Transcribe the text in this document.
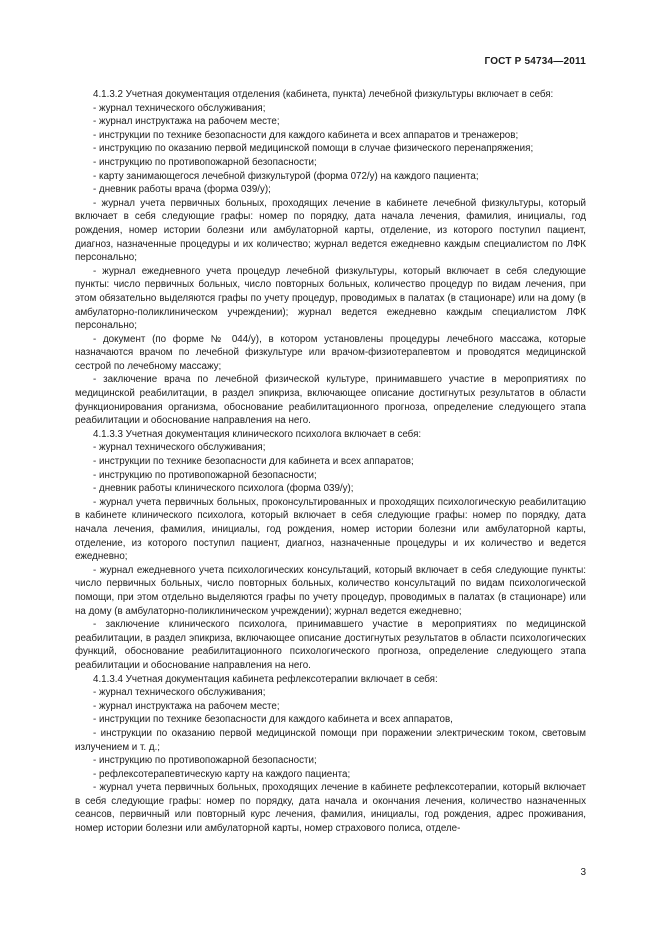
ГОСТ Р 54734—2011

4.1.3.2 Учетная документация отделения (кабинета, пункта) лечебной физкультуры включает в себя:

- журнал технического обслуживания;

- журнал инструктажа на рабочем месте;

- инструкции по технике безопасности для каждого кабинета и всех аппаратов и тренажеров;

- инструкцию по оказанию первой медицинской помощи в случае физического перенапряжения;

- инструкцию по противопожарной безопасности;

- карту занимающегося лечебной физкультурой (форма 072/у) на каждого пациента;

- дневник работы врача (форма 039/у);

- журнал учета первичных больных, проходящих лечение в кабинете лечебной физкультуры, который включает в себя следующие графы: номер по порядку, дата начала лечения, фамилия, инициалы, год рождения, номер истории болезни или амбулаторной карты, отделение, из которого поступил пациент, диагноз, назначенные процедуры и их количество; журнал ведется ежедневно каждым специалистом по ЛФК персонально;

- журнал ежедневного учета процедур лечебной физкультуры, который включает в себя следующие пункты: число первичных больных, число повторных больных, количество процедур по видам лечения, при этом обязательно выделяются графы по учету процедур, проводимых в палатах (в стационаре) или на дому (в амбулаторно-поликлиническом учреждении); журнал ведется ежедневно каждым специалистом ЛФК персонально;

- документ (по форме № 044/у), в котором установлены процедуры лечебного массажа, которые назначаются врачом по лечебной физкультуре или врачом-физиотерапевтом и проводятся медицинской сестрой по лечебному массажу;

- заключение врача по лечебной физической культуре, принимавшего участие в мероприятиях по медицинской реабилитации, в раздел эпикриза, включающее описание достигнутых результатов в области функционирования организма, обоснование реабилитационного прогноза, определение следующего этапа реабилитации и обоснование направления на него.

4.1.3.3 Учетная документация клинического психолога включает в себя:

- журнал технического обслуживания;

- инструкции по технике безопасности для кабинета и всех аппаратов;

- инструкцию по противопожарной безопасности;

- дневник работы клинического психолога (форма 039/у);

- журнал учета первичных больных, проконсультированных и проходящих психологическую реабилитацию в кабинете клинического психолога, который включает в себя следующие графы: номер по порядку, дата начала лечения, фамилия, инициалы, год рождения, номер истории болезни или амбулаторной карты, отделение, из которого поступил пациент, диагноз, назначенные процедуры и их количество и ведется ежедневно;

- журнал ежедневного учета психологических консультаций, который включает в себя следующие пункты: число первичных больных, число повторных больных, количество консультаций по видам психологической помощи, при этом отдельно выделяются графы по учету процедур, проводимых в палатах (в стационаре) или на дому (в амбулаторно-поликлиническом учреждении); журнал ведется ежедневно;

- заключение клинического психолога, принимавшего участие в мероприятиях по медицинской реабилитации, в раздел эпикриза, включающее описание достигнутых результатов в области психологических функций, обоснование реабилитационного психологического прогноза, определение следующего этапа реабилитации и обоснование направления на него.

4.1.3.4 Учетная документация кабинета рефлексотерапии включает в себя:

- журнал технического обслуживания;

- журнал инструктажа на рабочем месте;

- инструкции по технике безопасности для каждого кабинета и всех аппаратов,

- инструкции по оказанию первой медицинской помощи при поражении электрическим током, световым излучением и т. д.;

- инструкцию по противопожарной безопасности;

- рефлексотерапевтическую карту на каждого пациента;

- журнал учета первичных больных, проходящих лечение в кабинете рефлексотерапии, который включает в себя следующие графы: номер по порядку, дата начала и окончания лечения, количество назначенных сеансов, первичный или повторный курс лечения, фамилия, инициалы, год рождения, адрес проживания, номер истории болезни или амбулаторной карты, номер страхового полиса, отделе-

3
